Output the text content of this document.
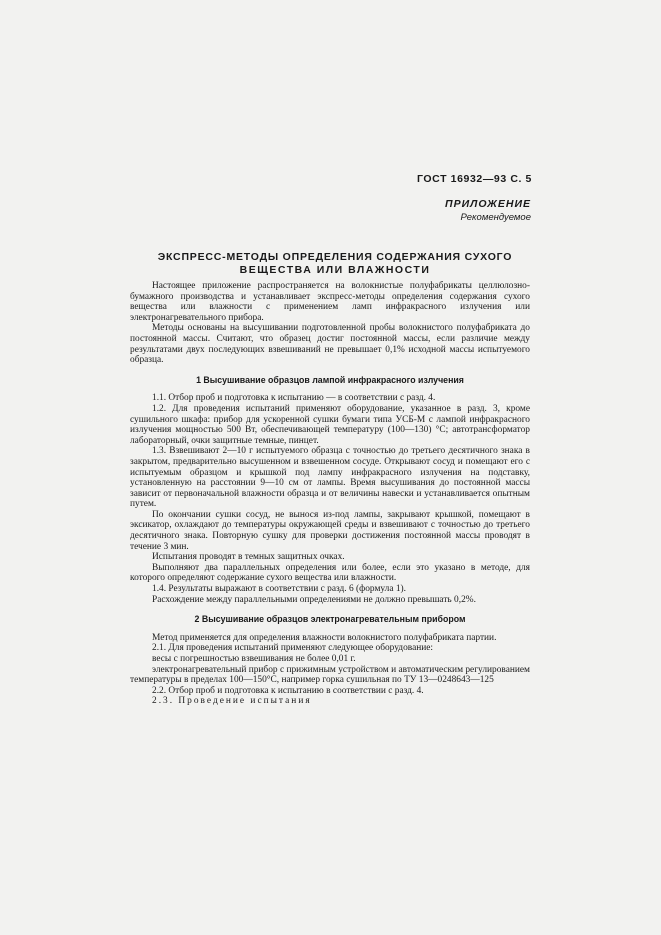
ГОСТ 16932—93 С. 5
ПРИЛОЖЕНИЕ
Рекомендуемое
ЭКСПРЕСС-МЕТОДЫ ОПРЕДЕЛЕНИЯ СОДЕРЖАНИЯ СУХОГО
ВЕЩЕСТВА ИЛИ ВЛАЖНОСТИ

Настоящее приложение распространяется на волокнистые полуфабрикаты целлюлозно-бумажного производства и устанавливает экспресс-методы определения содержания сухого вещества или влажности с применением ламп инфракрасного излучения или электронагревательного прибора.

Методы основаны на высушивании подготовленной пробы волокнистого полуфабриката до постоянной массы. Считают, что образец достиг постоянной массы, если различие между результатами двух последующих взвешиваний не превышает 0,1% исходной массы испытуемого образца.

1 Высушивание образцов лампой инфракрасного излучения

1.1. Отбор проб и подготовка к испытанию — в соответствии с разд. 4.

1.2. Для проведения испытаний применяют оборудование, указанное в разд. 3, кроме сушильного шкафа: прибор для ускоренной сушки бумаги типа УСБ-М с лампой инфракрасного излучения мощностью 500 Вт, обеспечивающей температуру (100—130) °С; автотрансформатор лабораторный, очки защитные темные, пинцет.

1.3. Взвешивают 2—10 г испытуемого образца с точностью до третьего десятичного знака в закрытом, предварительно высушенном и взвешенном сосуде. Открывают сосуд и помещают его с испытуемым образцом и крышкой под лампу инфракрасного излучения на подставку, установленную на расстоянии 9—10 см от лампы. Время высушивания до постоянной массы зависит от первоначальной влажности образца и от величины навески и устанавливается опытным путем.

По окончании сушки сосуд, не вынося из-под лампы, закрывают крышкой, помещают в эксикатор, охлаждают до температуры окружающей среды и взвешивают с точностью до третьего десятичного знака. Повторную сушку для проверки достижения постоянной массы проводят в течение 3 мин.

Испытания проводят в темных защитных очках.

Выполняют два параллельных определения или более, если это указано в методе, для которого определяют содержание сухого вещества или влажности.

1.4. Результаты выражают в соответствии с разд. 6 (формула 1).

Расхождение между параллельными определениями не должно превышать 0,2%.

2 Высушивание образцов электронагревательным прибором

Метод применяется для определения влажности волокнистого полуфабриката партии.

2.1. Для проведения испытаний применяют следующее оборудование:

весы с погрешностью взвешивания не более 0,01 г.

электронагревательный прибор с прижимным устройством и автоматическим регулированием температуры в пределах 100—150°С, например горка сушильная по ТУ 13—0248643—125

2.2. Отбор проб и подготовка к испытанию в соответствии с разд. 4.

2.3. Проведение испытания
